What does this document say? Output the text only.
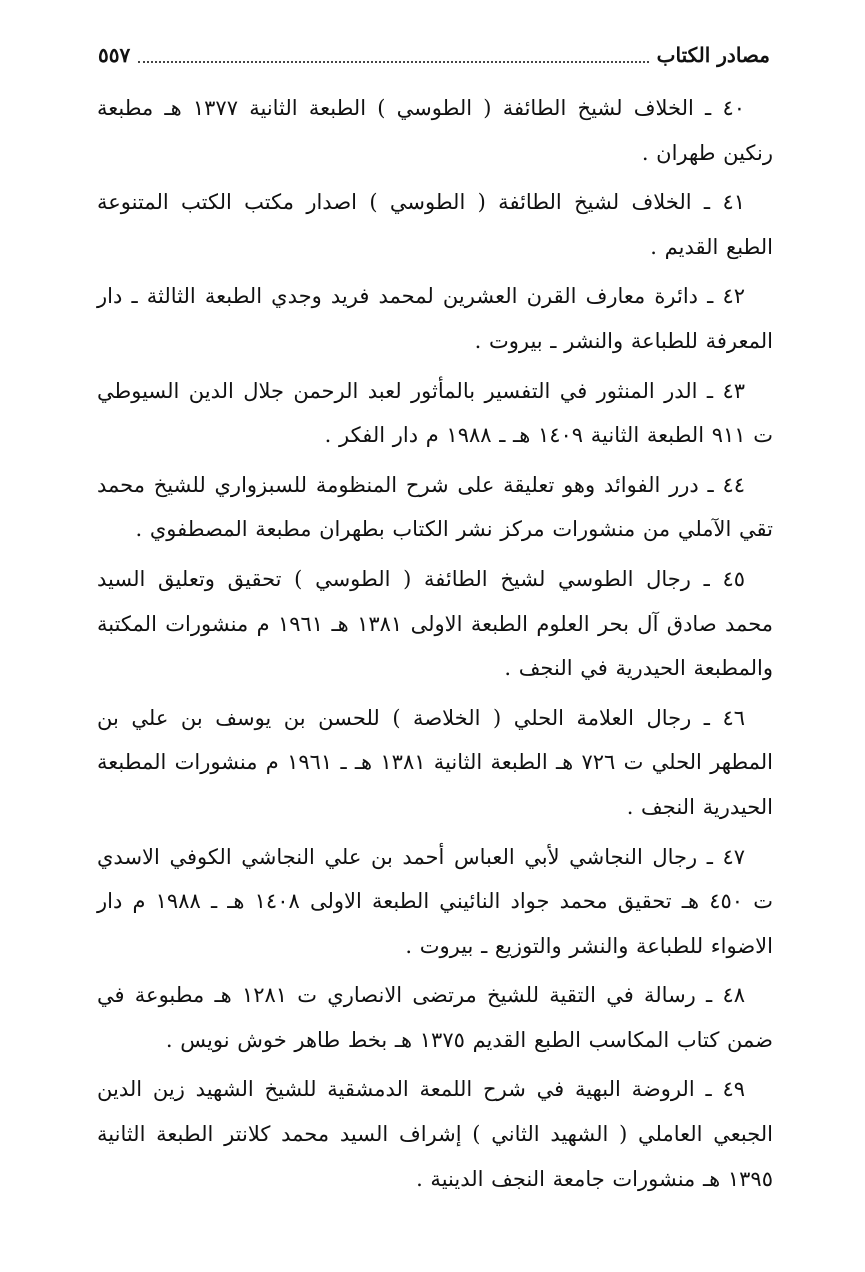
٥٥٧	مصادر الكتاب

٤٠ ـ الخلاف لشيخ الطائفة ( الطوسي ) الطبعة الثانية ١٣٧٧ هـ مطبعة رنكين طهران .

٤١ ـ الخلاف لشيخ الطائفة ( الطوسي ) اصدار مكتب الكتب المتنوعة الطبع القديم .

٤٢ ـ دائرة معارف القرن العشرين لمحمد فريد وجدي الطبعة الثالثة ـ دار المعرفة للطباعة والنشر ـ بيروت .

٤٣ ـ الدر المنثور في التفسير بالمأثور لعبد الرحمن جلال الدين السيوطي ت ٩١١ الطبعة الثانية ١٤٠٩ هـ ـ ١٩٨٨ م دار الفكر .

٤٤ ـ درر الفوائد وهو تعليقة على شرح المنظومة للسبزواري للشيخ محمد تقي الآملي من منشورات مركز نشر الكتاب بطهران مطبعة المصطفوي .

٤٥ ـ رجال الطوسي لشيخ الطائفة ( الطوسي ) تحقيق وتعليق السيد محمد صادق آل بحر العلوم الطبعة الاولى ١٣٨١ هـ ١٩٦١ م منشورات المكتبة والمطبعة الحيدرية في النجف .

٤٦ ـ رجال العلامة الحلي ( الخلاصة ) للحسن بن يوسف بن علي بن المطهر الحلي ت ٧٢٦ هـ الطبعة الثانية ١٣٨١ هـ ـ ١٩٦١ م منشورات المطبعة الحيدرية النجف .

٤٧ ـ رجال النجاشي لأبي العباس أحمد بن علي النجاشي الكوفي الاسدي ت ٤٥٠ هـ تحقيق محمد جواد النائيني الطبعة الاولى ١٤٠٨ هـ ـ ١٩٨٨ م دار الاضواء للطباعة والنشر والتوزيع ـ بيروت .

٤٨ ـ رسالة في التقية للشيخ مرتضى الانصاري ت ١٢٨١ هـ مطبوعة في ضمن كتاب المكاسب الطبع القديم ١٣٧٥ هـ بخط طاهر خوش نويس .

٤٩ ـ الروضة البهية في شرح اللمعة الدمشقية للشيخ الشهيد زين الدين الجبعي العاملي ( الشهيد الثاني ) إشراف السيد محمد كلانتر الطبعة الثانية ١٣٩٥ هـ منشورات جامعة النجف الدينية .
